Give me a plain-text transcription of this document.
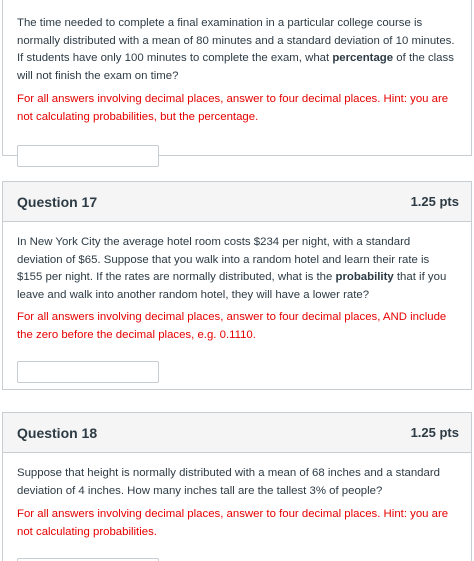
The time needed to complete a final examination in a particular college course is normally distributed with a mean of 80 minutes and a standard deviation of 10 minutes. If students have only 100 minutes to complete the exam, what percentage of the class will not finish the exam on time?

For all answers involving decimal places, answer to four decimal places. Hint: you are not calculating probabilities, but the percentage.

Question 17	1.25 pts

In New York City the average hotel room costs $234 per night, with a standard deviation of $65. Suppose that you walk into a random hotel and learn their rate is $155 per night. If the rates are normally distributed, what is the probability that if you leave and walk into another random hotel, they will have a lower rate?

For all answers involving decimal places, answer to four decimal places, AND include the zero before the decimal places, e.g. 0.1110.

Question 18	1.25 pts

Suppose that height is normally distributed with a mean of 68 inches and a standard deviation of 4 inches. How many inches tall are the tallest 3% of people?

For all answers involving decimal places, answer to four decimal places. Hint: you are not calculating probabilities.
